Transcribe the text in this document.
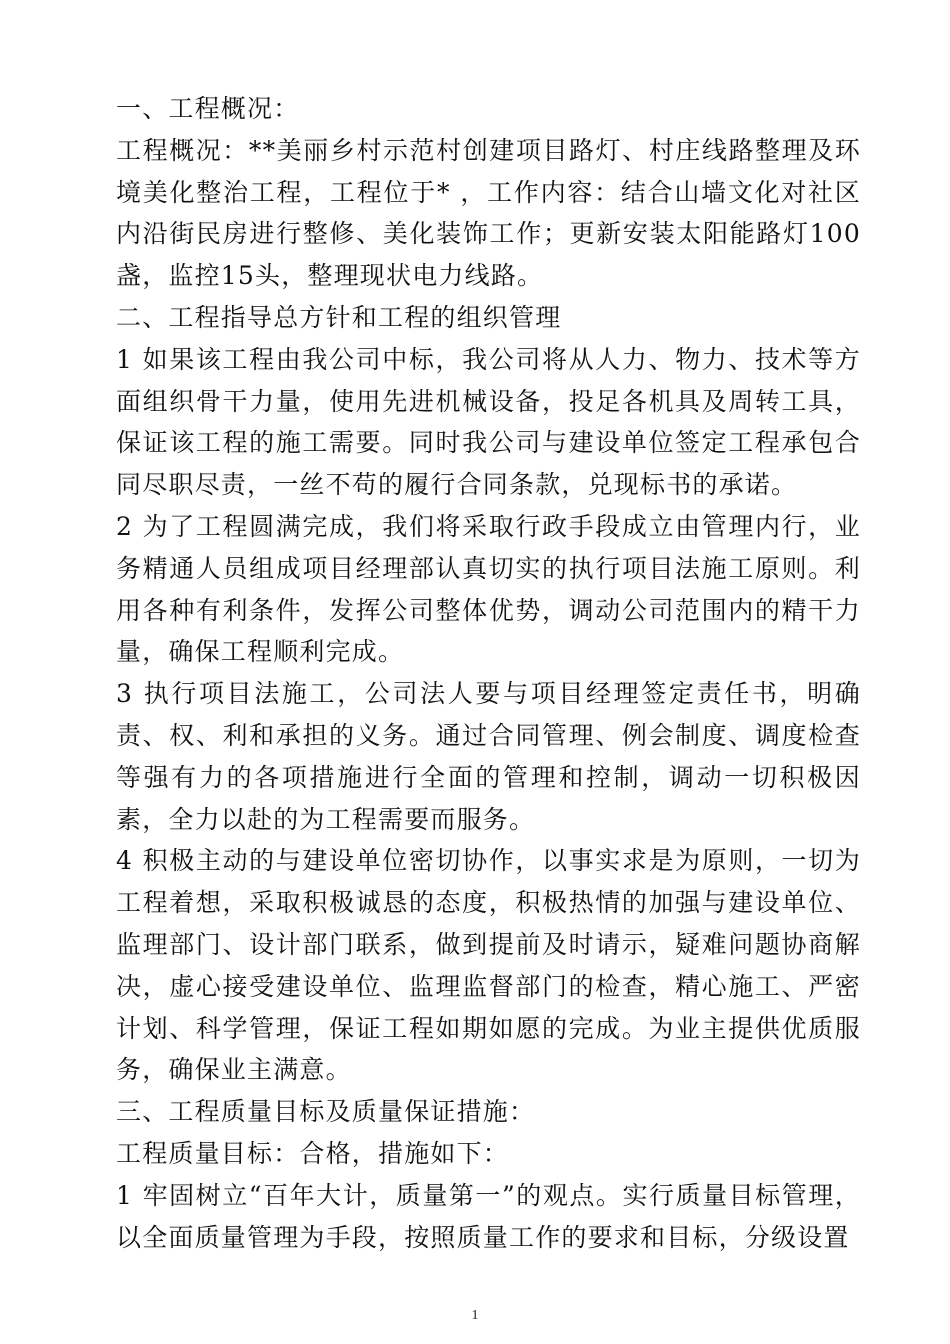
一、工程概况：

工程概况：**美丽乡村示范村创建项目路灯、村庄线路整理及环境美化整治工程，工程位于* ，工作内容：结合山墙文化对社区内沿街民房进行整修、美化装饰工作；更新安装太阳能路灯100盏，监控15头，整理现状电力线路。

二、工程指导总方针和工程的组织管理

1 如果该工程由我公司中标，我公司将从人力、物力、技术等方面组织骨干力量，使用先进机械设备，投足各机具及周转工具，保证该工程的施工需要。同时我公司与建设单位签定工程承包合同尽职尽责，一丝不苟的履行合同条款，兑现标书的承诺。

2 为了工程圆满完成，我们将采取行政手段成立由管理内行，业务精通人员组成项目经理部认真切实的执行项目法施工原则。利用各种有利条件，发挥公司整体优势，调动公司范围内的精干力量，确保工程顺利完成。

3 执行项目法施工，公司法人要与项目经理签定责任书，明确责、权、利和承担的义务。通过合同管理、例会制度、调度检查等强有力的各项措施进行全面的管理和控制，调动一切积极因素，全力以赴的为工程需要而服务。

4 积极主动的与建设单位密切协作，以事实求是为原则，一切为工程着想，采取积极诚恳的态度，积极热情的加强与建设单位、监理部门、设计部门联系，做到提前及时请示，疑难问题协商解决，虚心接受建设单位、监理监督部门的检查，精心施工、严密计划、科学管理，保证工程如期如愿的完成。为业主提供优质服务，确保业主满意。

三、工程质量目标及质量保证措施：

工程质量目标：合格，措施如下：

1 牢固树立“百年大计，质量第一”的观点。实行质量目标管理，以全面质量管理为手段，按照质量工作的要求和目标，分级设置

1
